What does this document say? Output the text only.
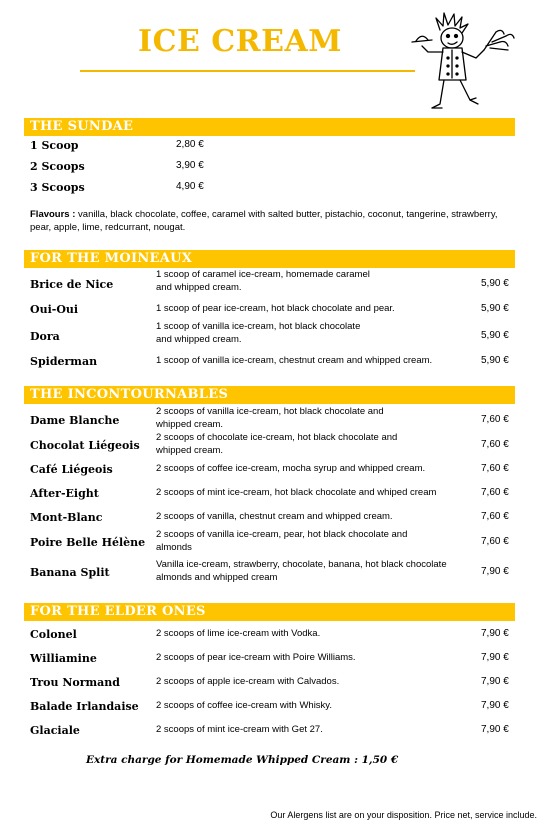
ICE CREAM
THE SUNDAE
1 Scoop	2,80 €
2 Scoops	3,90 €
3 Scoops	4,90 €
Flavours : vanilla, black chocolate, coffee, caramel with salted butter, pistachio, coconut, tangerine, strawberry, pear, apple, lime, redcurrant, nougat.
FOR THE MOINEAUX
Brice de Nice
1 scoop of caramel ice-cream, homemade caramel
and whipped cream.	5,90 €
Oui-Oui	1 scoop of pear ice-cream, hot black chocolate and pear.	5,90 €
Dora
1 scoop of vanilla ice-cream, hot black chocolate
and whipped cream.	5,90 €
Spiderman	1 scoop of vanilla ice-cream, chestnut cream and whipped cream.	5,90 €
THE INCONTOURNABLES
Dame Blanche
2 scoops of vanilla ice-cream, hot black chocolate and
whipped cream.	7,60 €
Chocolat Liégeois
2 scoops of chocolate ice-cream, hot black chocolate and
whipped cream.	7,60 €
Café Liégeois	2 scoops of coffee ice-cream, mocha syrup and whipped cream.	7,60 €
After-Eight	2 scoops of mint ice-cream, hot black chocolate and whiped cream	7,60 €
Mont-Blanc	2 scoops of vanilla, chestnut cream and whipped cream.	7,60 €
Poire Belle Hélène
2 scoops of vanilla ice-cream, pear, hot black chocolate and
almonds	7,60 €
Banana Split
Vanilla ice-cream, strawberry, chocolate, banana, hot black chocolate
almonds and whipped cream	7,90 €
FOR THE ELDER ONES
Colonel	2 scoops of lime ice-cream with Vodka.	7,90 €
Williamine	2 scoops of pear ice-cream with Poire Williams.	7,90 €
Trou Normand	2 scoops of apple ice-cream with Calvados.	7,90 €
Balade Irlandaise 2 scoops of coffee ice-cream with Whisky.	7,90 €
Glaciale	2 scoops of mint ice-cream with Get 27.	7,90 €
Extra charge for Homemade Whipped Cream : 1,50 €
Our Alergens list are on your disposition. Price net, service include.
